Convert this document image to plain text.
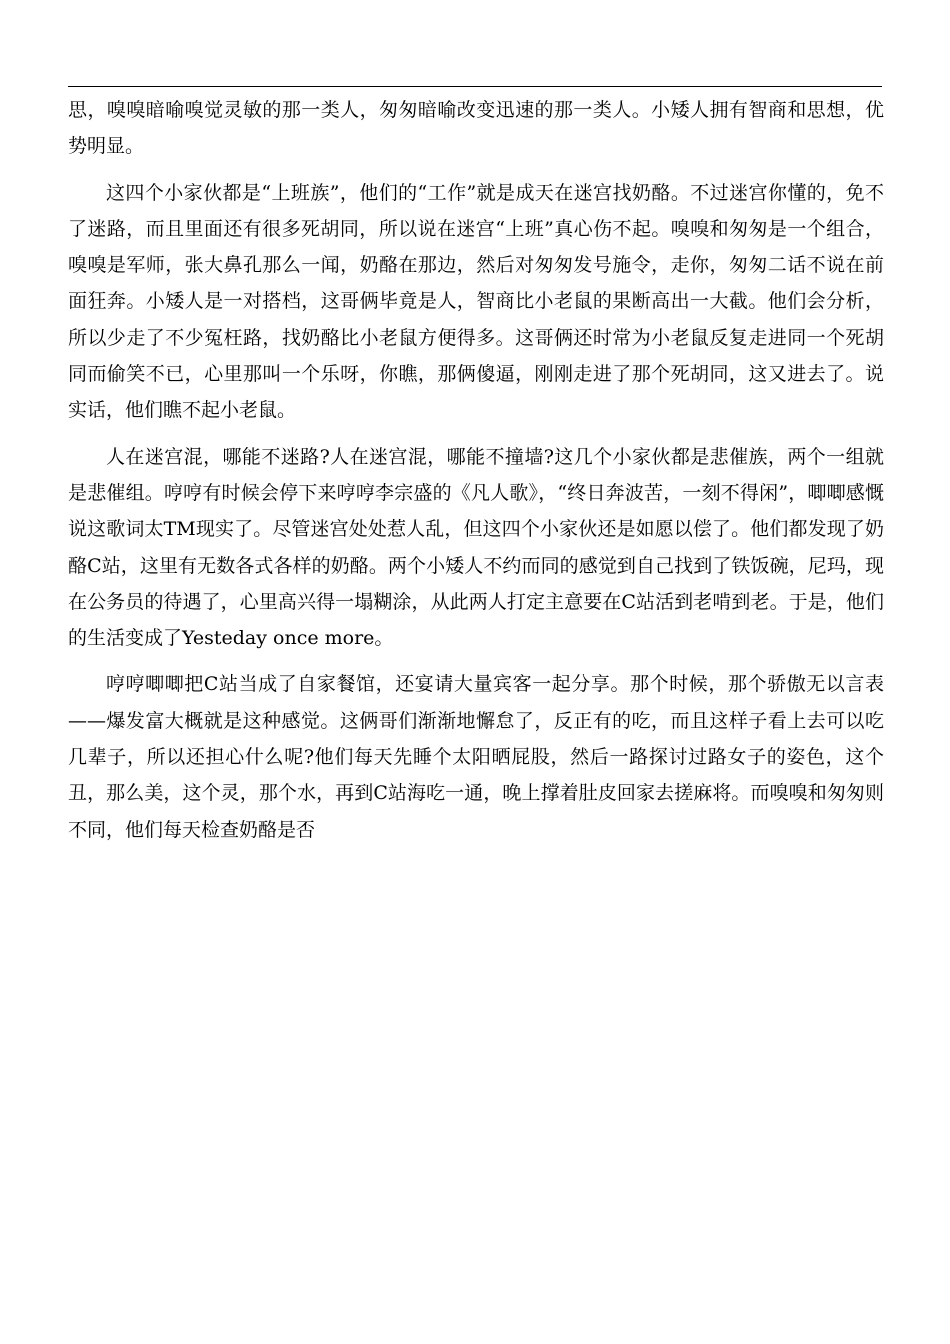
思，嗅嗅暗喻嗅觉灵敏的那一类人，匆匆暗喻改变迅速的那一类人。小矮人拥有智商和思想，优势明显。

这四个小家伙都是“上班族”，他们的“工作”就是成天在迷宫找奶酪。不过迷宫你懂的，免不了迷路，而且里面还有很多死胡同，所以说在迷宫“上班”真心伤不起。嗅嗅和匆匆是一个组合，嗅嗅是军师，张大鼻孔那么一闻，奶酪在那边，然后对匆匆发号施令，走你，匆匆二话不说在前面狂奔。小矮人是一对搭档，这哥俩毕竟是人，智商比小老鼠的果断高出一大截。他们会分析，所以少走了不少冤枉路，找奶酪比小老鼠方便得多。这哥俩还时常为小老鼠反复走进同一个死胡同而偷笑不已，心里那叫一个乐呀，你瞧，那俩傻逼，刚刚走进了那个死胡同，这又进去了。说实话，他们瞧不起小老鼠。

人在迷宫混，哪能不迷路?人在迷宫混，哪能不撞墙?这几个小家伙都是悲催族，两个一组就是悲催组。哼哼有时候会停下来哼哼李宗盛的《凡人歌》，“终日奔波苦，一刻不得闲”，唧唧感慨说这歌词太TM现实了。尽管迷宫处处惹人乱，但这四个小家伙还是如愿以偿了。他们都发现了奶酪C站，这里有无数各式各样的奶酪。两个小矮人不约而同的感觉到自己找到了铁饭碗，尼玛，现在公务员的待遇了，心里高兴得一塌糊涂，从此两人打定主意要在C站活到老啃到老。于是，他们的生活变成了Yesteday once more。

哼哼唧唧把C站当成了自家餐馆，还宴请大量宾客一起分享。那个时候，那个骄傲无以言表——爆发富大概就是这种感觉。这俩哥们渐渐地懈怠了，反正有的吃，而且这样子看上去可以吃几辈子，所以还担心什么呢?他们每天先睡个太阳晒屁股，然后一路探讨过路女子的姿色，这个丑，那么美，这个灵，那个水，再到C站海吃一通，晚上撑着肚皮回家去搓麻将。而嗅嗅和匆匆则不同，他们每天检查奶酪是否
